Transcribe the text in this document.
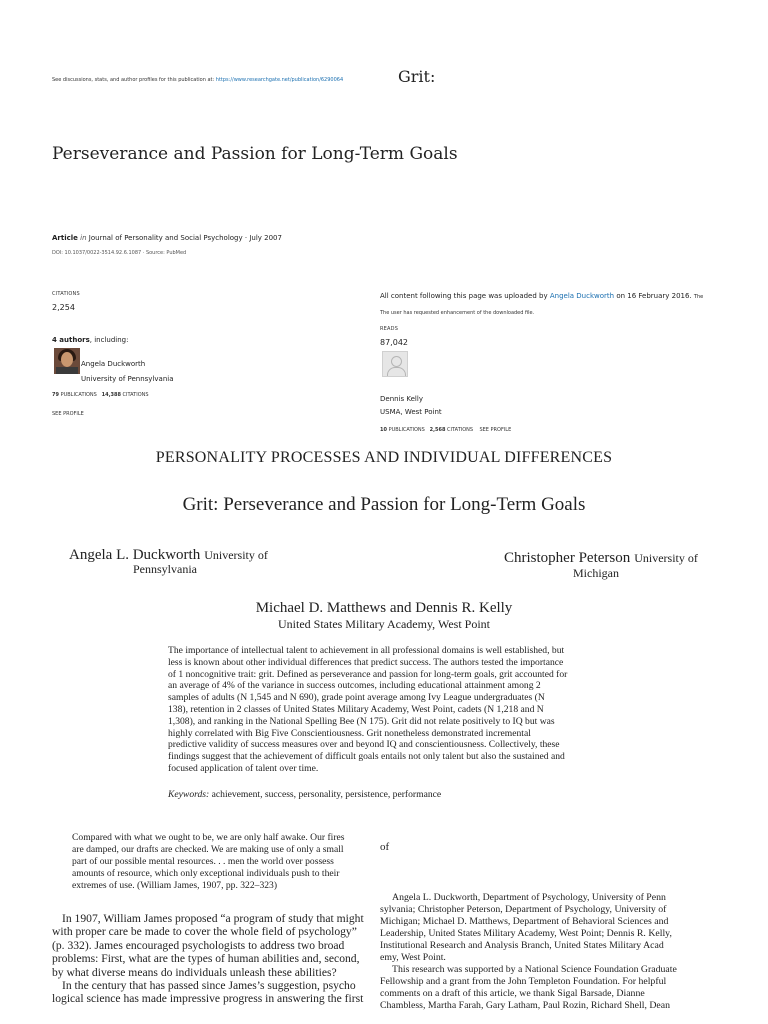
See discussions, stats, and author profiles for this publication at: https://www.researchgate.net/publication/6290064	Grit:
Perseverance and Passion for Long-Term Goals
Article in Journal of Personality and Social Psychology · July 2007
DOI: 10.1037/0022-3514.92.6.1087 · Source: PubMed
CITATIONS
2,254
All content following this page was uploaded by Angela Duckworth on 16 February 2016. The
The user has requested enhancement of the downloaded file.
READS
87,042
4 authors, including:
Angela Duckworth
University of Pennsylvania
79 PUBLICATIONS 14,388 CITATIONS
SEE PROFILE
Dennis Kelly
USMA, West Point
10 PUBLICATIONS 2,568 CITATIONS SEE PROFILE
PERSONALITY PROCESSES AND INDIVIDUAL DIFFERENCES
Grit: Perseverance and Passion for Long-Term Goals
Angela L. Duckworth University of
Pennsylvania
Christopher Peterson University of
Michigan
Michael D. Matthews and Dennis R. Kelly
United States Military Academy, West Point

The importance of intellectual talent to achievement in all professional domains is well established, but

less is known about other individual differences that predict success. The authors tested the importance

of 1 noncognitive trait: grit. Defined as perseverance and passion for long-term goals, grit accounted for

an average of 4% of the variance in success outcomes, including educational attainment among 2

samples of adults (N 1,545 and N 690), grade point average among Ivy League undergraduates (N

138), retention in 2 classes of United States Military Academy, West Point, cadets (N 1,218 and N

1,308), and ranking in the National Spelling Bee (N 175). Grit did not relate positively to IQ but was

highly correlated with Big Five Conscientiousness. Grit nonetheless demonstrated incremental

predictive validity of success measures over and beyond IQ and conscientiousness. Collectively, these

findings suggest that the achievement of difficult goals entails not only talent but also the sustained and

focused application of talent over time.

Keywords: achievement, success, personality, persistence, performance

Compared with what we ought to be, we are only half awake. Our fires

are damped, our drafts are checked. We are making use of only a small

part of our possible mental resources. . . men the world over possess

amounts of resource, which only exceptional individuals push to their

extremes of use. (William James, 1907, pp. 322–323)

In 1907, William James proposed “a program of study that might

with proper care be made to cover the whole field of psychology”

(p. 332). James encouraged psychologists to address two broad

problems: First, what are the types of human abilities and, second,

by what diverse means do individuals unleash these abilities?

In the century that has passed since James’s suggestion, psycho

logical science has made impressive progress in answering the first

of

Angela L. Duckworth, Department of Psychology, University of Penn

sylvania; Christopher Peterson, Department of Psychology, University of

Michigan; Michael D. Matthews, Department of Behavioral Sciences and

Leadership, United States Military Academy, West Point; Dennis R. Kelly,

Institutional Research and Analysis Branch, United States Military Acad

emy, West Point.

This research was supported by a National Science Foundation Graduate

Fellowship and a grant from the John Templeton Foundation. For helpful

comments on a draft of this article, we thank Sigal Barsade, Dianne

Chambless, Martha Farah, Gary Latham, Paul Rozin, Richard Shell, Dean
